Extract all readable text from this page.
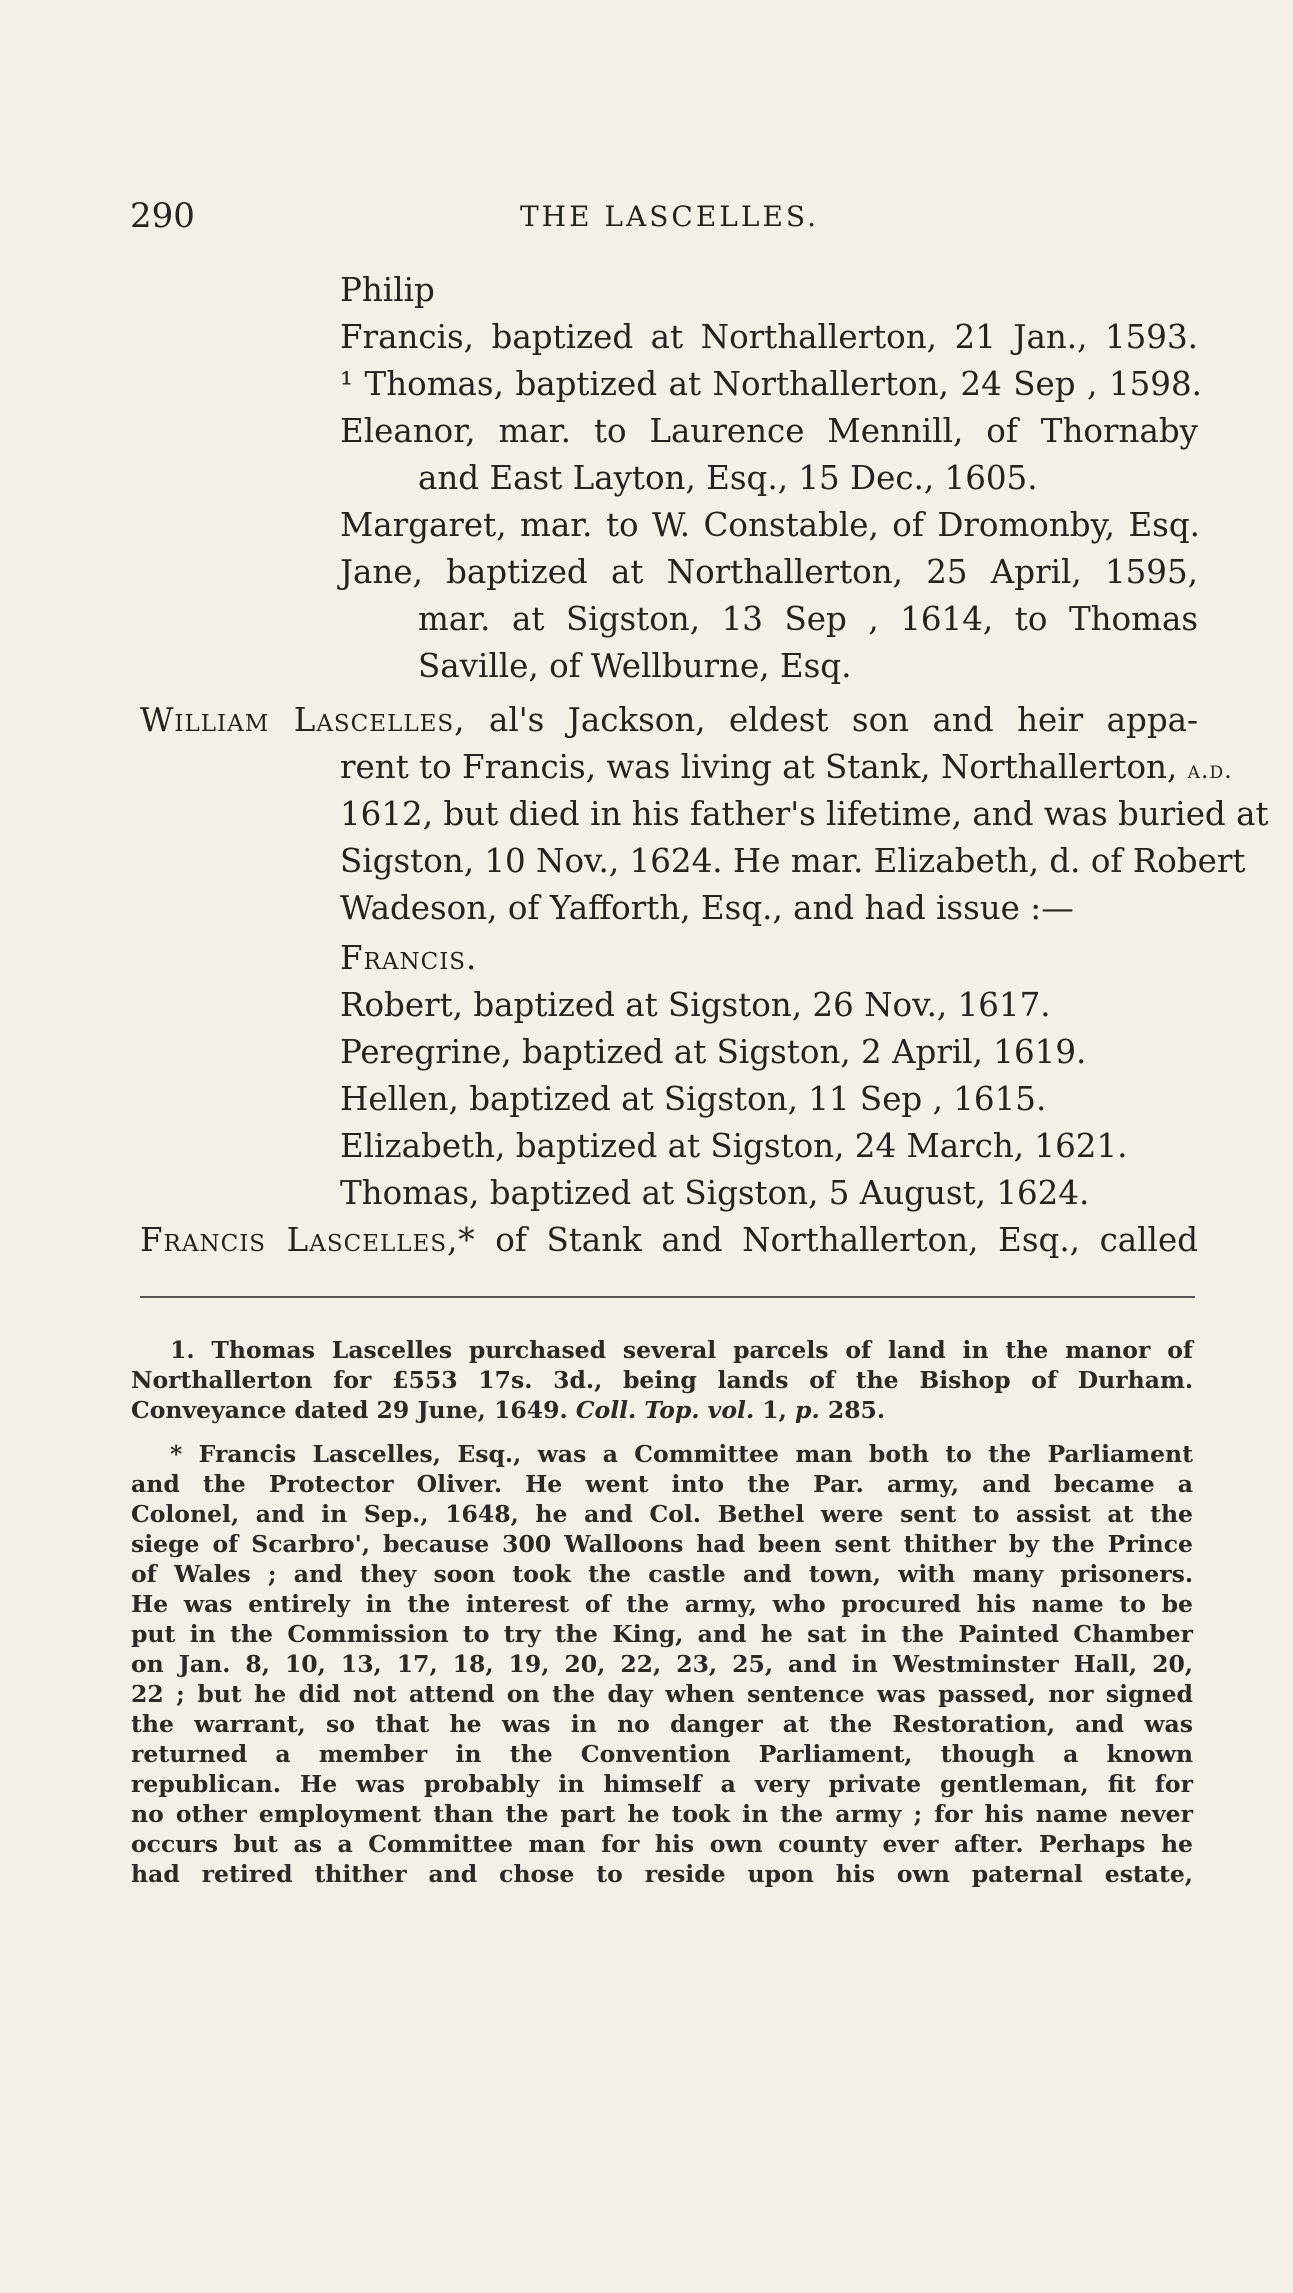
290	THE LASCELLES.
Philip
Francis, baptized at Northallerton, 21 Jan., 1593.
¹ Thomas, baptized at Northallerton, 24 Sep , 1598.
Eleanor, mar. to Laurence Mennill, of Thornaby
and East Layton, Esq., 15 Dec., 1605.
Margaret, mar. to W. Constable, of Dromonby, Esq.
Jane, baptized at Northallerton, 25 April, 1595,
mar. at Sigston, 13 Sep , 1614, to Thomas
Saville, of Wellburne, Esq.
William Lascelles, al's Jackson, eldest son and heir appa-
rent to Francis, was living at Stank, Northallerton, a.d.
1612, but died in his father's lifetime, and was buried at
Sigston, 10 Nov., 1624. He mar. Elizabeth, d. of Robert
Wadeson, of Yafforth, Esq., and had issue :—
Francis.
Robert, baptized at Sigston, 26 Nov., 1617.
Peregrine, baptized at Sigston, 2 April, 1619.
Hellen, baptized at Sigston, 11 Sep , 1615.
Elizabeth, baptized at Sigston, 24 March, 1621.
Thomas, baptized at Sigston, 5 August, 1624.
Francis Lascelles,* of Stank and Northallerton, Esq., called
1. Thomas Lascelles purchased several parcels of land in the manor of
Northallerton for £553 17s. 3d., being lands of the Bishop of Durham.
Conveyance dated 29 June, 1649. Coll. Top. vol. 1, p. 285.
* Francis Lascelles, Esq., was a Committee man both to the Parliament
and the Protector Oliver. He went into the Par. army, and became a
Colonel, and in Sep., 1648, he and Col. Bethel were sent to assist at the
siege of Scarbro', because 300 Walloons had been sent thither by the Prince
of Wales ; and they soon took the castle and town, with many prisoners.
He was entirely in the interest of the army, who procured his name to be
put in the Commission to try the King, and he sat in the Painted Chamber
on Jan. 8, 10, 13, 17, 18, 19, 20, 22, 23, 25, and in Westminster Hall, 20,
22 ; but he did not attend on the day when sentence was passed, nor signed
the warrant, so that he was in no danger at the Restoration, and was
returned a member in the Convention Parliament, though a known
republican. He was probably in himself a very private gentleman, fit for
no other employment than the part he took in the army ; for his name never
occurs but as a Committee man for his own county ever after. Perhaps he
had retired thither and chose to reside upon his own paternal estate,
